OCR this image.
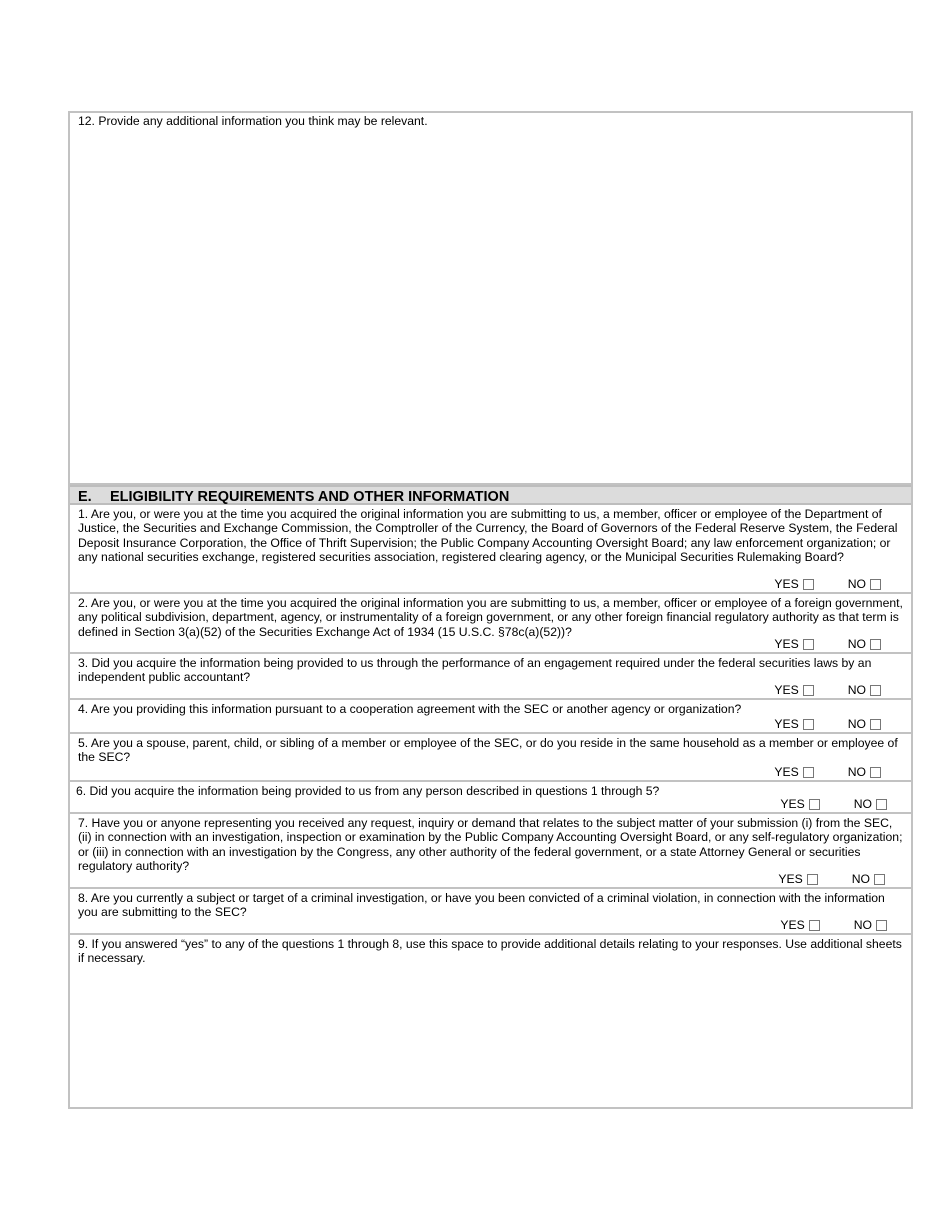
12. Provide any additional information you think may be relevant.
E. ELIGIBILITY REQUIREMENTS AND OTHER INFORMATION
1. Are you, or were you at the time you acquired the original information you are submitting to us, a member, officer or employee of the Department of Justice, the Securities and Exchange Commission, the Comptroller of the Currency, the Board of Governors of the Federal Reserve System, the Federal Deposit Insurance Corporation, the Office of Thrift Supervision; the Public Company Accounting Oversight Board; any law enforcement organization; or any national securities exchange, registered securities association, registered clearing agency, or the Municipal Securities Rulemaking Board?
YES	NO
2. Are you, or were you at the time you acquired the original information you are submitting to us, a member, officer or employee of a foreign government, any political subdivision, department, agency, or instrumentality of a foreign government, or any other foreign financial regulatory authority as that term is defined in Section 3(a)(52) of the Securities Exchange Act of 1934 (15 U.S.C. §78c(a)(52))?
YES	NO
3. Did you acquire the information being provided to us through the performance of an engagement required under the federal securities laws by an independent public accountant?
YES	NO
4. Are you providing this information pursuant to a cooperation agreement with the SEC or another agency or organization?
YES	NO
5. Are you a spouse, parent, child, or sibling of a member or employee of the SEC, or do you reside in the same household as a member or employee of the SEC?
YES	NO
6. Did you acquire the information being provided to us from any person described in questions 1 through 5?
YES	NO
7. Have you or anyone representing you received any request, inquiry or demand that relates to the subject matter of your submission (i) from the SEC, (ii) in connection with an investigation, inspection or examination by the Public Company Accounting Oversight Board, or any self-regulatory organization; or (iii) in connection with an investigation by the Congress, any other authority of the federal government, or a state Attorney General or securities regulatory authority?
YES	NO
8. Are you currently a subject or target of a criminal investigation, or have you been convicted of a criminal violation, in connection with the information you are submitting to the SEC?
YES	NO
9. If you answered “yes” to any of the questions 1 through 8, use this space to provide additional details relating to your responses. Use additional sheets if necessary.
